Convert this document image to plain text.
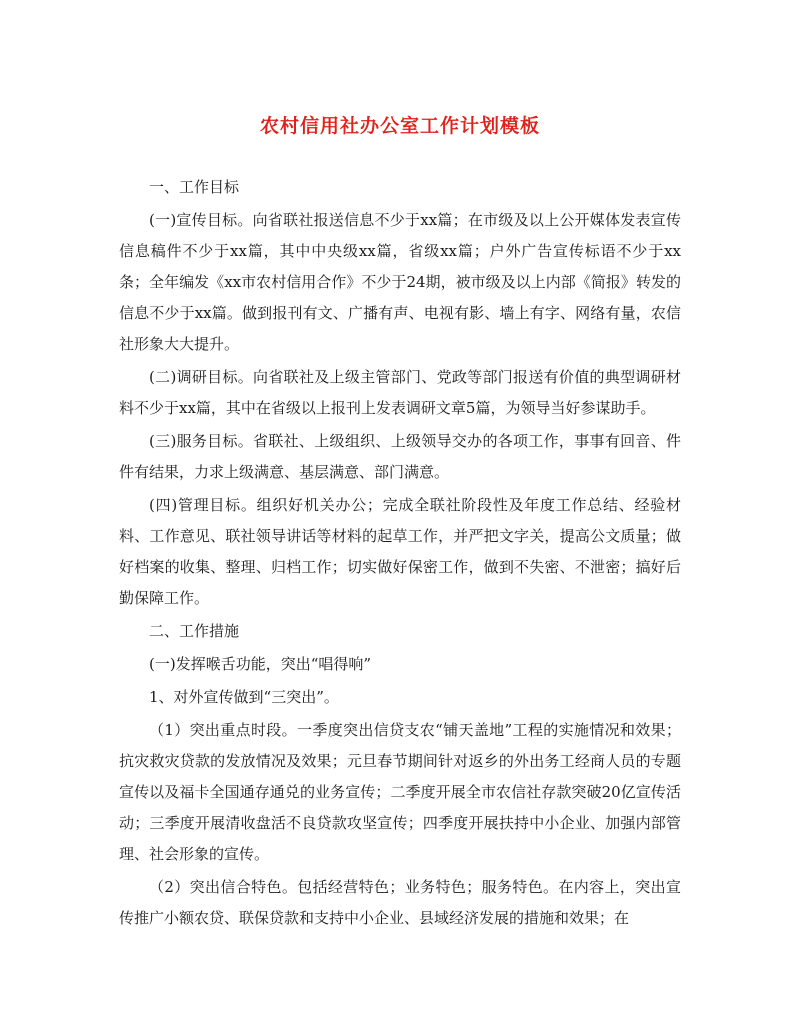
农村信用社办公室工作计划模板

一、工作目标

(一)宣传目标。向省联社报送信息不少于xx篇；在市级及以上公开媒体发表宣传信息稿件不少于xx篇，其中中央级xx篇，省级xx篇；户外广告宣传标语不少于xx条；全年编发《xx市农村信用合作》不少于24期，被市级及以上内部《简报》转发的信息不少于xx篇。做到报刊有文、广播有声、电视有影、墙上有字、网络有量，农信社形象大大提升。

(二)调研目标。向省联社及上级主管部门、党政等部门报送有价值的典型调研材料不少于xx篇，其中在省级以上报刊上发表调研文章5篇，为领导当好参谋助手。

(三)服务目标。省联社、上级组织、上级领导交办的各项工作，事事有回音、件件有结果，力求上级满意、基层满意、部门满意。

(四)管理目标。组织好机关办公；完成全联社阶段性及年度工作总结、经验材料、工作意见、联社领导讲话等材料的起草工作，并严把文字关，提高公文质量；做好档案的收集、整理、归档工作；切实做好保密工作，做到不失密、不泄密；搞好后勤保障工作。

二、工作措施

(一)发挥喉舌功能，突出“唱得响”

1、对外宣传做到“三突出”。

（1）突出重点时段。一季度突出信贷支农“铺天盖地”工程的实施情况和效果；抗灾救灾贷款的发放情况及效果；元旦春节期间针对返乡的外出务工经商人员的专题宣传以及福卡全国通存通兑的业务宣传；二季度开展全市农信社存款突破20亿宣传活动；三季度开展清收盘活不良贷款攻坚宣传；四季度开展扶持中小企业、加强内部管理、社会形象的宣传。

（2）突出信合特色。包括经营特色；业务特色；服务特色。在内容上，突出宣传推广小额农贷、联保贷款和支持中小企业、县域经济发展的措施和效果；在
